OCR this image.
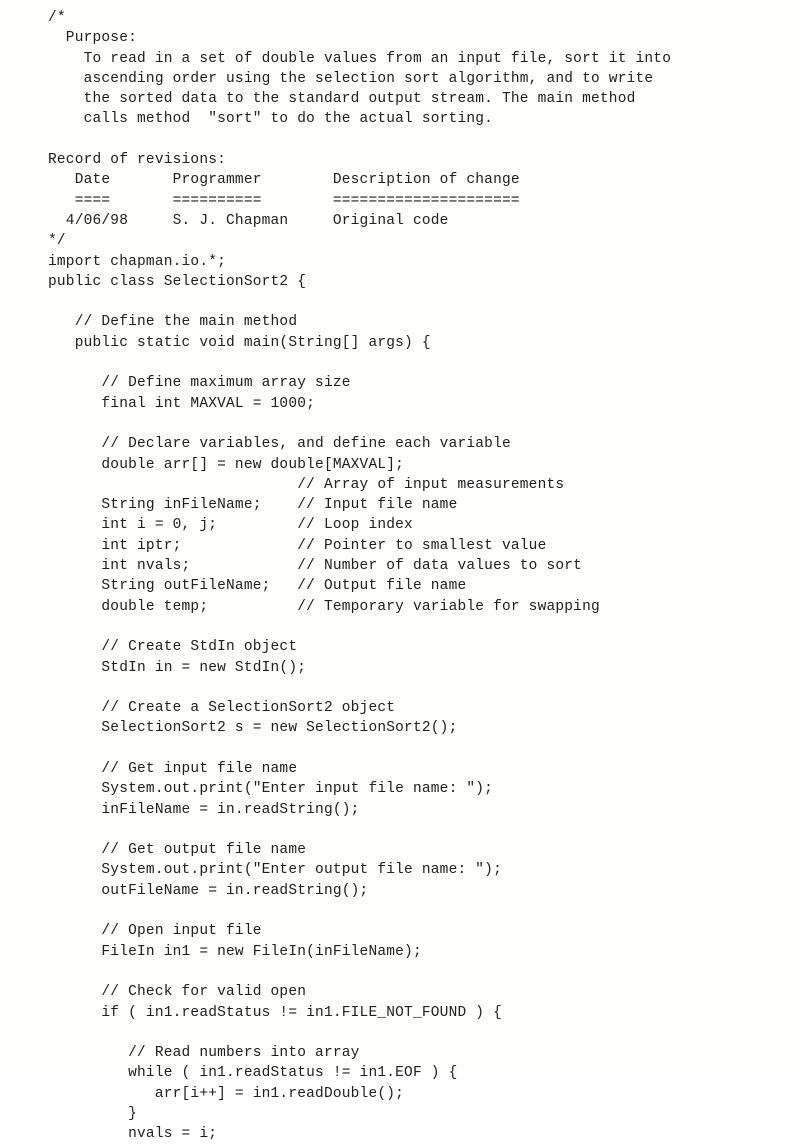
/*
Purpose:
To read in a set of double values from an input file, sort it into
ascending order using the selection sort algorithm, and to write
the sorted data to the standard output stream. The main method
calls method  "sort" to do the actual sorting.
Record of revisions:
Date       Programmer        Description of change
====       ==========        =====================
4/06/98     S. J. Chapman     Original code
*/
import chapman.io.*;
public class SelectionSort2 {
// Define the main method
public static void main(String[] args) {
// Define maximum array size
final int MAXVAL = 1000;
// Declare variables, and define each variable
double arr[] = new double[MAXVAL];
// Array of input measurements
String inFileName;    // Input file name
int i = 0, j;         // Loop index
int iptr;             // Pointer to smallest value
int nvals;            // Number of data values to sort
String outFileName;   // Output file name
double temp;          // Temporary variable for swapping
// Create StdIn object
StdIn in = new StdIn();
// Create a SelectionSort2 object
SelectionSort2 s = new SelectionSort2();
// Get input file name
System.out.print("Enter input file name: ");
inFileName = in.readString();
// Get output file name
System.out.print("Enter output file name: ");
outFileName = in.readString();
// Open input file
FileIn in1 = new FileIn(inFileName);
// Check for valid open
if ( in1.readStatus != in1.FILE_NOT_FOUND ) {
// Read numbers into array
while ( in1.readStatus != in1.EOF ) {
arr[i++] = in1.readDouble();
}
nvals = i;
